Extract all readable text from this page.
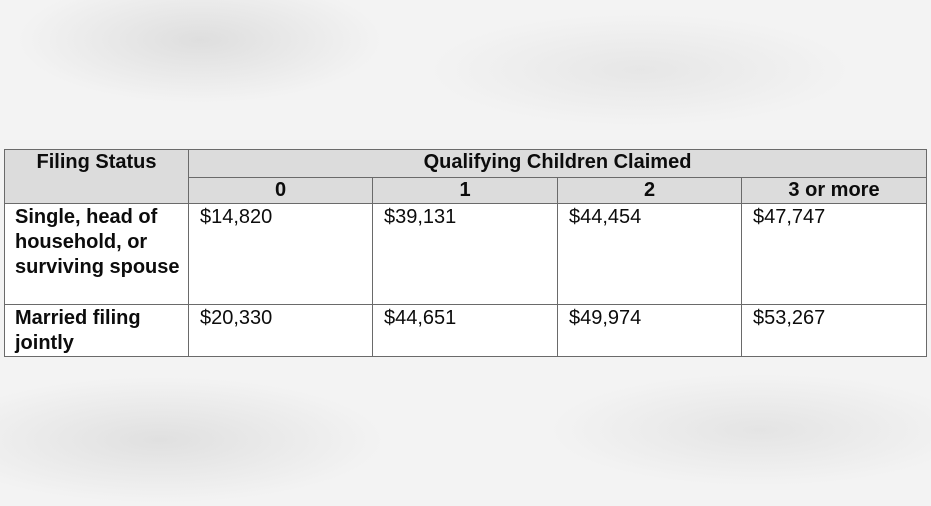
Filing Status	Qualifying Children Claimed			
	0	1	2	3 or more
Single, head of household, or surviving spouse	$14,820	$39,131	$44,454	$47,747
Married filing jointly	$20,330	$44,651	$49,974	$53,267
